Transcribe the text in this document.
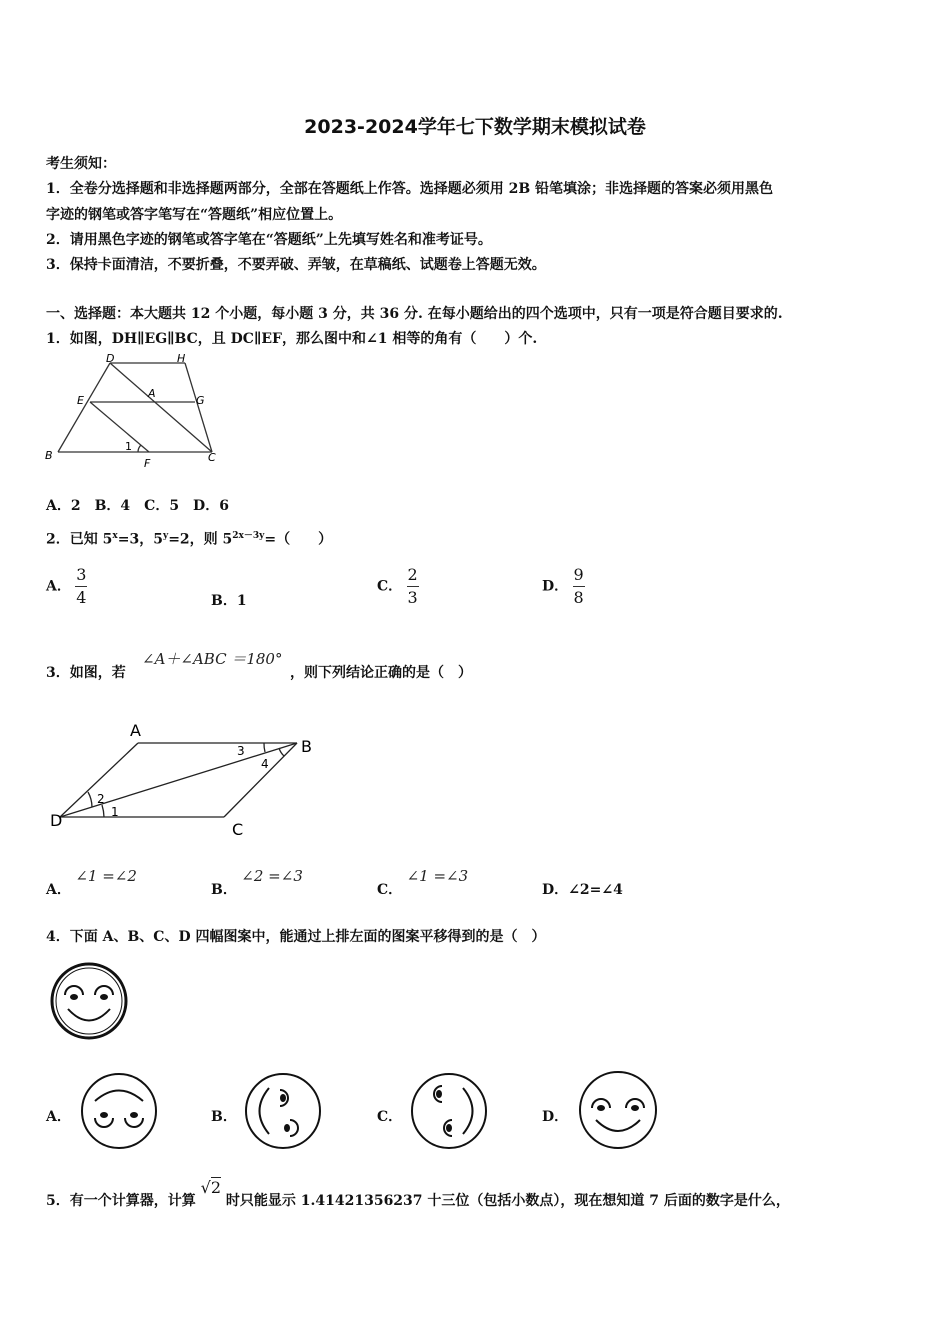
2023-2024学年七下数学期末模拟试卷
考生须知：
1．全卷分选择题和非选择题两部分，全部在答题纸上作答。选择题必须用 2B 铅笔填涂；非选择题的答案必须用黑色
字迹的钢笔或答字笔写在“答题纸”相应位置上。
2．请用黑色字迹的钢笔或答字笔在“答题纸”上先填写姓名和准考证号。
3．保持卡面清洁，不要折叠，不要弄破、弄皱，在草稿纸、试题卷上答题无效。
一、选择题：本大题共 12 个小题，每小题 3 分，共 36 分. 在每小题给出的四个选项中，只有一项是符合题目要求的.
1．如图，DH∥EG∥BC，且 DC∥EF，那么图中和∠1 相等的角有（　　）个.
D	H
E
A
G
B
1
F	C
A．2　B．4　C．5　D．6
2．已知 $5^x=3$，$5^y=2$，则 $5^{2x-3y}=$（　　）
A． $\frac{3}{4}$	B．1
C． $\frac{2}{3}$	D． $\frac{9}{8}$
3．如图，若
∠A＋∠ABC ＝180°
，则下列结论正确的是（　）
A
B
C
D	1
2
3
4
A． ∠1 =∠2
B． ∠2 =∠3
C． ∠1 =∠3
D．∠2=∠4
4．下面 A、B、C、D 四幅图案中，能通过上排左面的图案平移得到的是（　）
A．	B．	C．	D．
5．有一个计算器，计算 √2 时只能显示 1.41421356237 十三位（包括小数点），现在想知道 7 后面的数字是什么，
